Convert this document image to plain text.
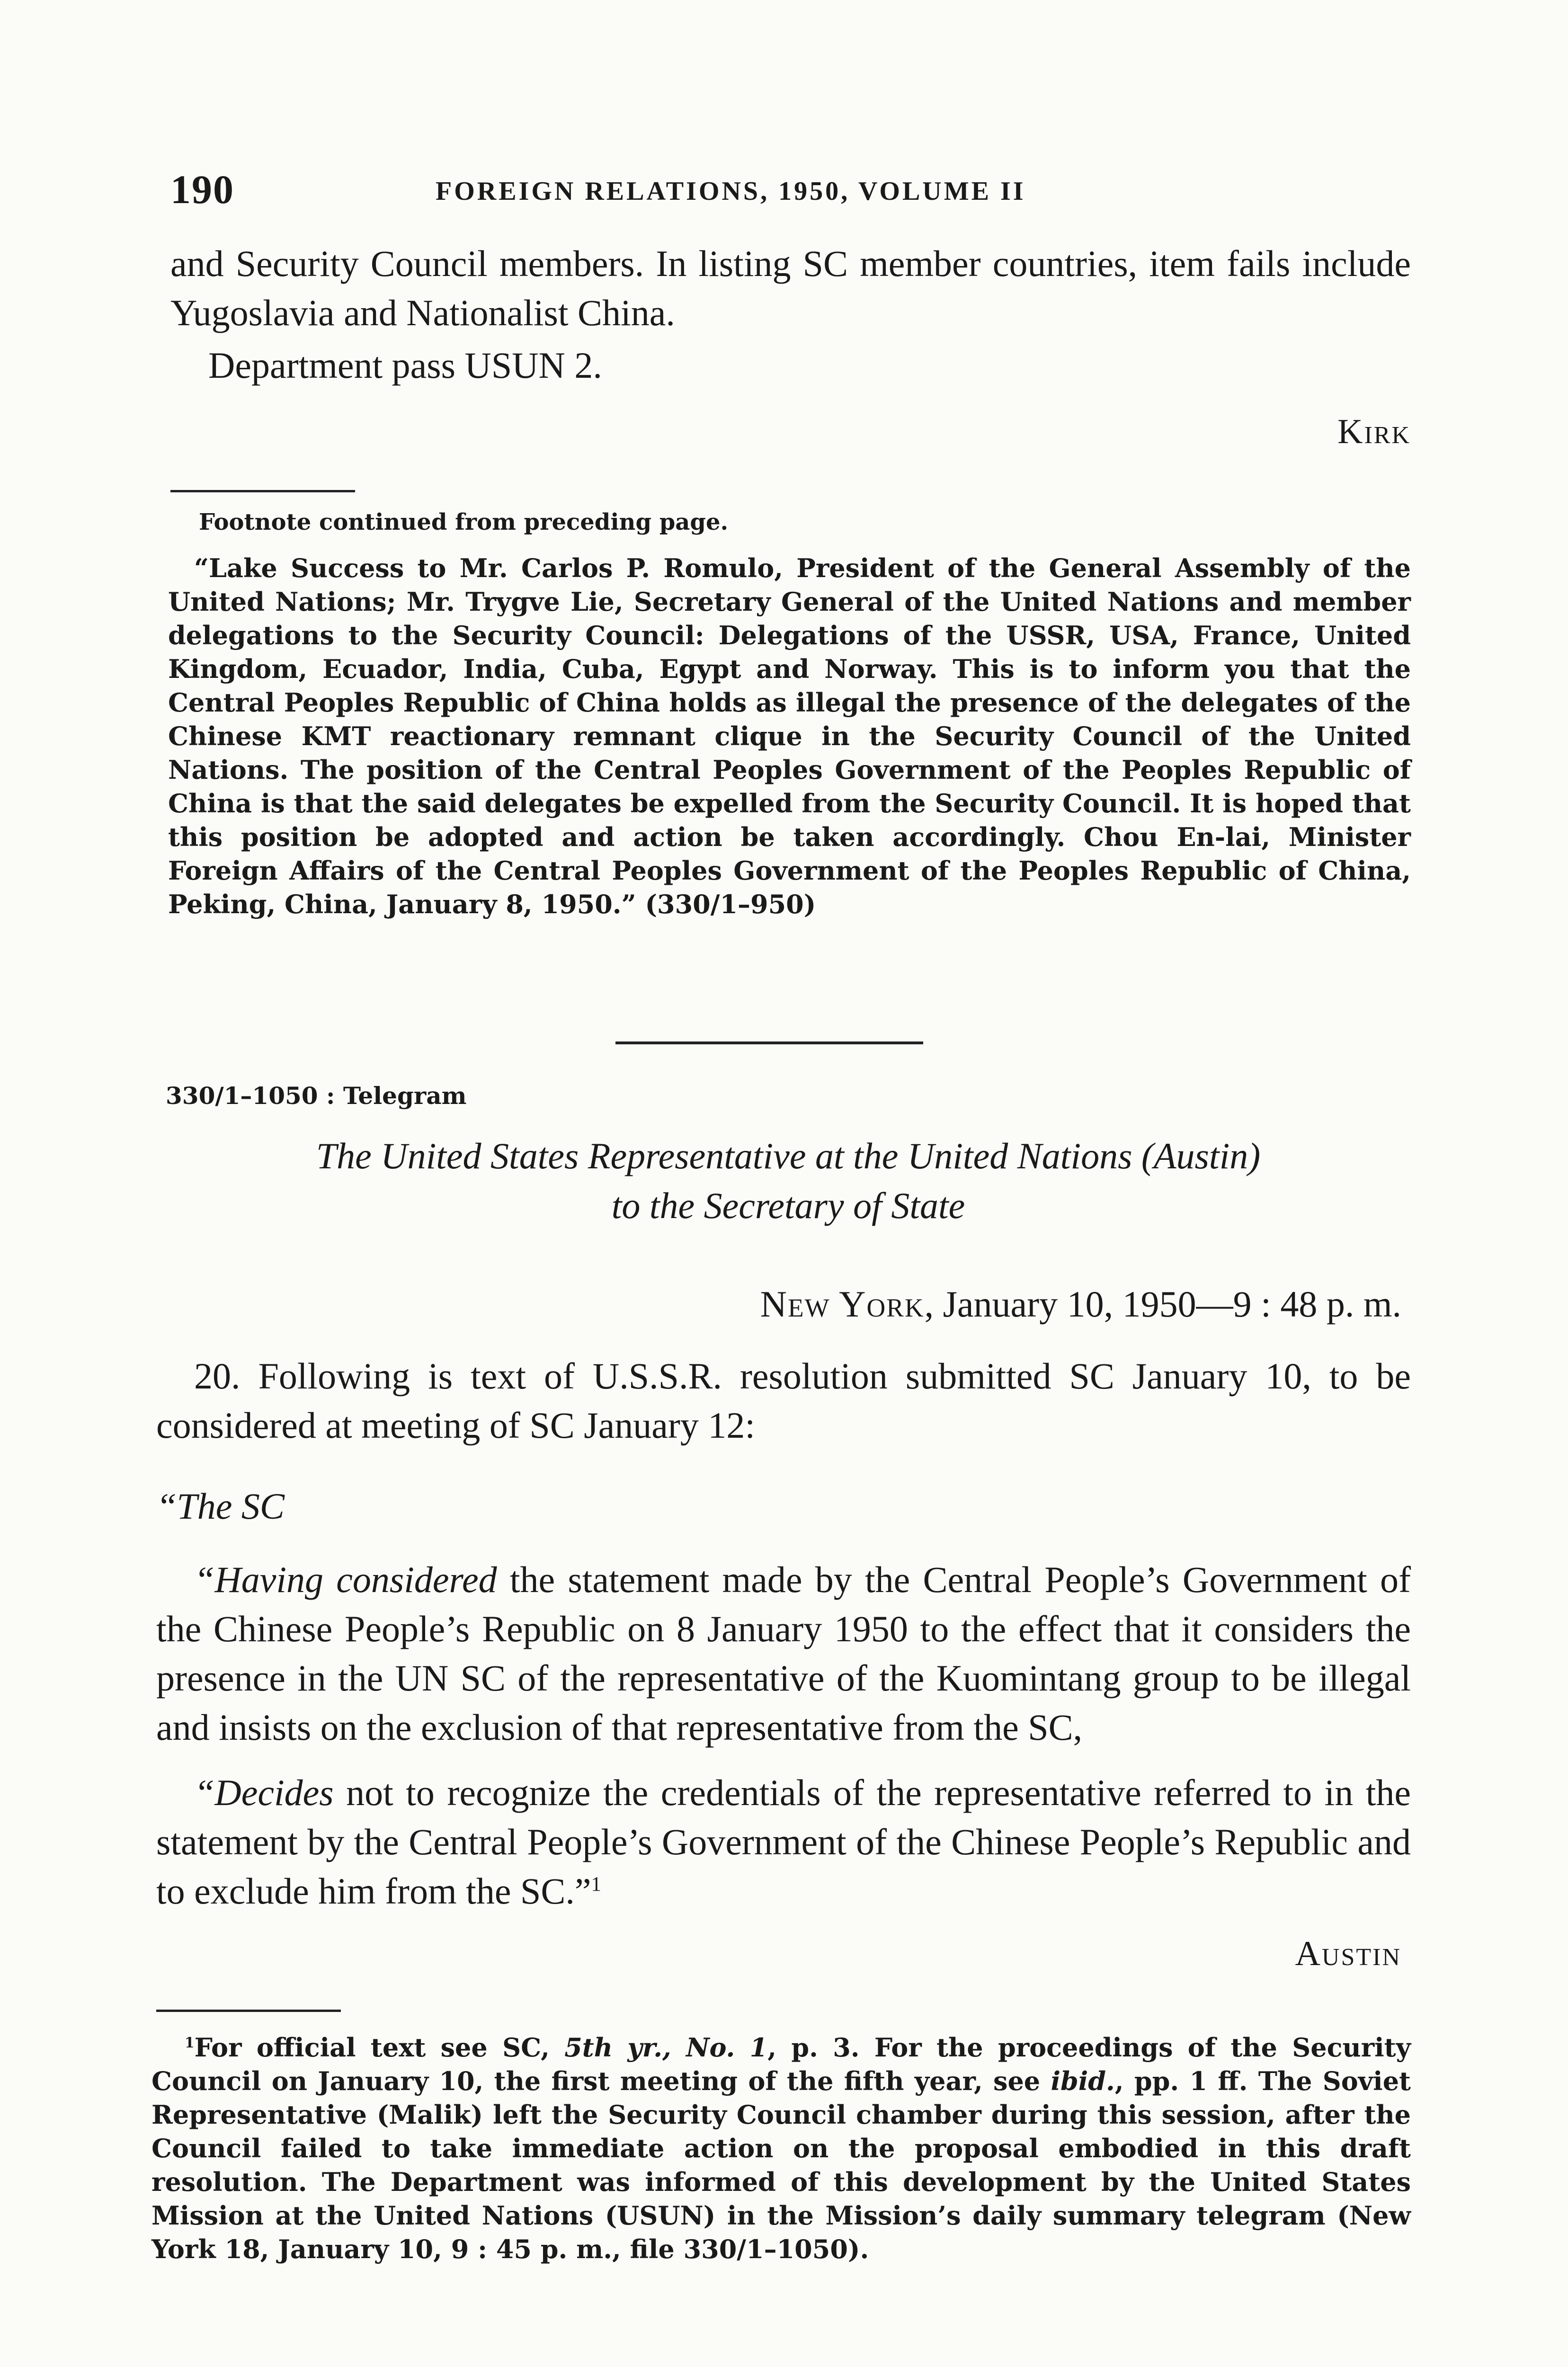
190	FOREIGN RELATIONS, 1950, VOLUME II

and Security Council members. In listing SC member countries, item fails include Yugoslavia and Nationalist China.

Department pass USUN 2.

Kirk
Footnote continued from preceding page.

“Lake Success to Mr. Carlos P. Romulo, President of the General Assembly of the United Nations; Mr. Trygve Lie, Secretary General of the United Nations and member delegations to the Security Council: Delegations of the USSR, USA, France, United Kingdom, Ecuador, India, Cuba, Egypt and Norway. This is to inform you that the Central Peoples Republic of China holds as illegal the presence of the delegates of the Chinese KMT reactionary remnant clique in the Security Council of the United Nations. The position of the Central Peoples Government of the Peoples Republic of China is that the said delegates be expelled from the Security Council. It is hoped that this position be adopted and action be taken accordingly. Chou En-lai, Minister Foreign Affairs of the Central Peoples Government of the Peoples Republic of China, Peking, China, January 8, 1950.” (330/1–950)

330/1–1050 : Telegram

The United States Representative at the United Nations (Austin)

to the Secretary of State

New York, January 10, 1950—9 : 48 p. m.

20. Following is text of U.S.S.R. resolution submitted SC January 10, to be considered at meeting of SC January 12:

“The SC

“Having considered the statement made by the Central People’s Government of the Chinese People’s Republic on 8 January 1950 to the effect that it considers the presence in the UN SC of the representative of the Kuomintang group to be illegal and insists on the exclusion of that representative from the SC,

“Decides not to recognize the credentials of the representative referred to in the statement by the Central People’s Government of the Chinese People’s Republic and to exclude him from the SC.”$^1$

Austin

$^1$For official text see SC, 5th yr., No. 1, p. 3. For the proceedings of the Security Council on January 10, the first meeting of the fifth year, see ibid., pp. 1 ff. The Soviet Representative (Malik) left the Security Council chamber during this session, after the Council failed to take immediate action on the proposal embodied in this draft resolution. The Department was informed of this development by the United States Mission at the United Nations (USUN) in the Mission’s daily summary telegram (New York 18, January 10, 9 : 45 p. m., file 330/1–1050).
